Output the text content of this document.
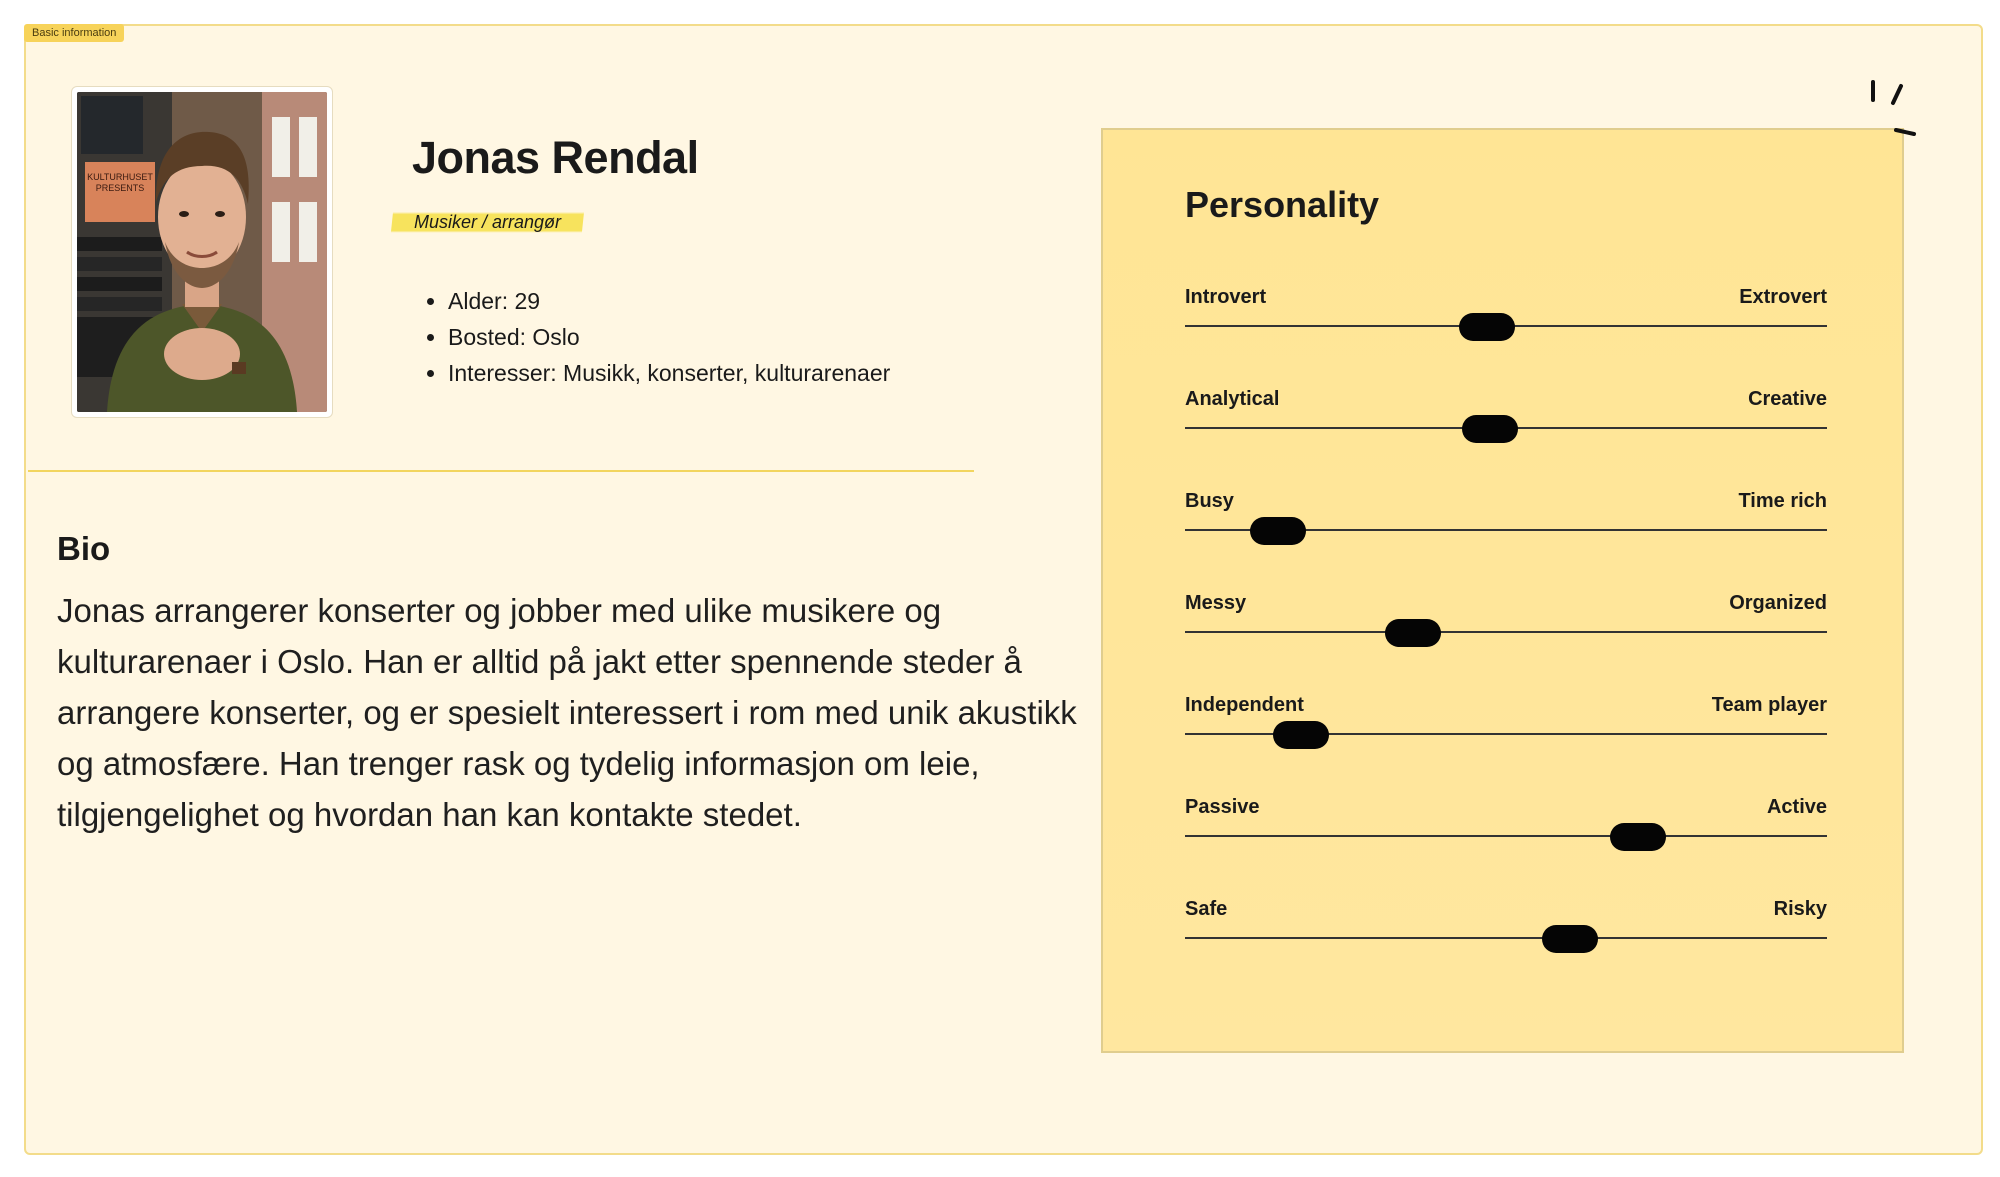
Basic information
KULTURHUSET
PRESENTS
Jonas Rendal
Musiker / arrangør
• Alder: 29
• Bosted: Oslo
• Interesser: Musikk, konserter, kulturarenaer
Bio

Jonas arrangerer konserter og jobber med ulike musikere og kulturarenaer i Oslo. Han er alltid på jakt etter spennende steder å arrangere konserter, og er spesielt interessert i rom med unik akustikk og atmosfære. Han trenger rask og tydelig informasjon om leie, tilgjengelighet og hvordan han kan kontakte stedet.

Personality
Introvert	Extrovert
Analytical	Creative
Busy	Time rich
Messy	Organized
Independent	Team player
Passive	Active
Safe	Risky
